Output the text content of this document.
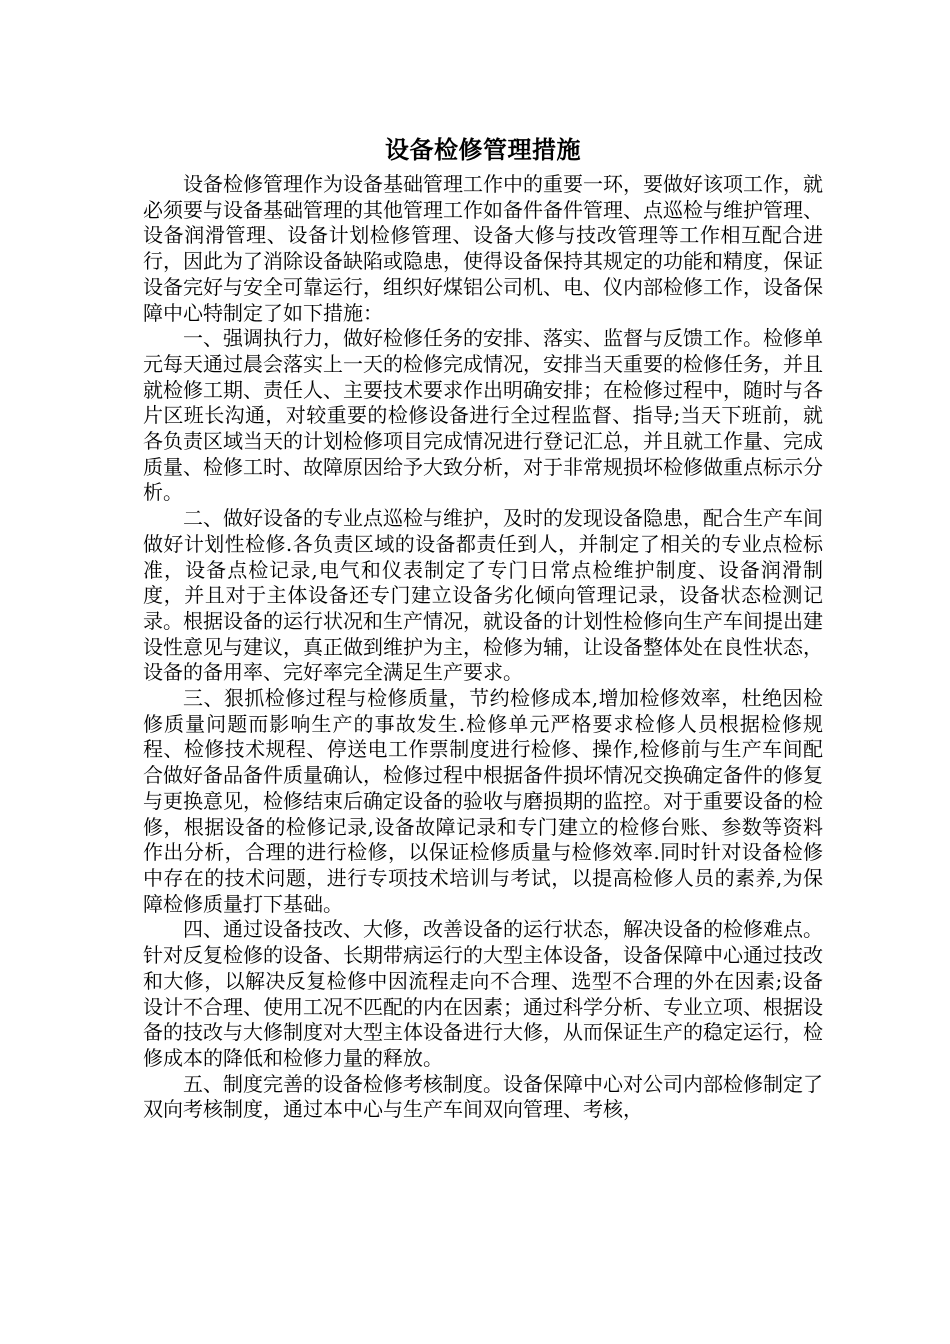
设备检修管理措施

设备检修管理作为设备基础管理工作中的重要一环，要做好该项工作，就必须要与设备基础管理的其他管理工作如备件备件管理、点巡检与维护管理、设备润滑管理、设备计划检修管理、设备大修与技改管理等工作相互配合进行，因此为了消除设备缺陷或隐患，使得设备保持其规定的功能和精度，保证设备完好与安全可靠运行，组织好煤铝公司机、电、仪内部检修工作，设备保障中心特制定了如下措施：

一、强调执行力，做好检修任务的安排、落实、监督与反馈工作。检修单元每天通过晨会落实上一天的检修完成情况，安排当天重要的检修任务，并且就检修工期、责任人、主要技术要求作出明确安排；在检修过程中，随时与各片区班长沟通，对较重要的检修设备进行全过程监督、指导;当天下班前，就各负责区域当天的计划检修项目完成情况进行登记汇总，并且就工作量、完成质量、检修工时、故障原因给予大致分析，对于非常规损坏检修做重点标示分析。

二、做好设备的专业点巡检与维护，及时的发现设备隐患，配合生产车间做好计划性检修.各负责区域的设备都责任到人，并制定了相关的专业点检标准，设备点检记录,电气和仪表制定了专门日常点检维护制度、设备润滑制度，并且对于主体设备还专门建立设备劣化倾向管理记录，设备状态检测记录。根据设备的运行状况和生产情况，就设备的计划性检修向生产车间提出建设性意见与建议，真正做到维护为主，检修为辅，让设备整体处在良性状态，设备的备用率、完好率完全满足生产要求。

三、狠抓检修过程与检修质量，节约检修成本,增加检修效率，杜绝因检修质量问题而影响生产的事故发生.检修单元严格要求检修人员根据检修规程、检修技术规程、停送电工作票制度进行检修、操作,检修前与生产车间配合做好备品备件质量确认，检修过程中根据备件损坏情况交换确定备件的修复与更换意见，检修结束后确定设备的验收与磨损期的监控。对于重要设备的检修，根据设备的检修记录,设备故障记录和专门建立的检修台账、参数等资料作出分析，合理的进行检修，以保证检修质量与检修效率.同时针对设备检修中存在的技术问题，进行专项技术培训与考试，以提高检修人员的素养,为保障检修质量打下基础。

四、通过设备技改、大修，改善设备的运行状态，解决设备的检修难点。针对反复检修的设备、长期带病运行的大型主体设备，设备保障中心通过技改和大修，以解决反复检修中因流程走向不合理、选型不合理的外在因素;设备设计不合理、使用工况不匹配的内在因素；通过科学分析、专业立项、根据设备的技改与大修制度对大型主体设备进行大修，从而保证生产的稳定运行，检修成本的降低和检修力量的释放。

五、制度完善的设备检修考核制度。设备保障中心对公司内部检修制定了双向考核制度，通过本中心与生产车间双向管理、考核，
